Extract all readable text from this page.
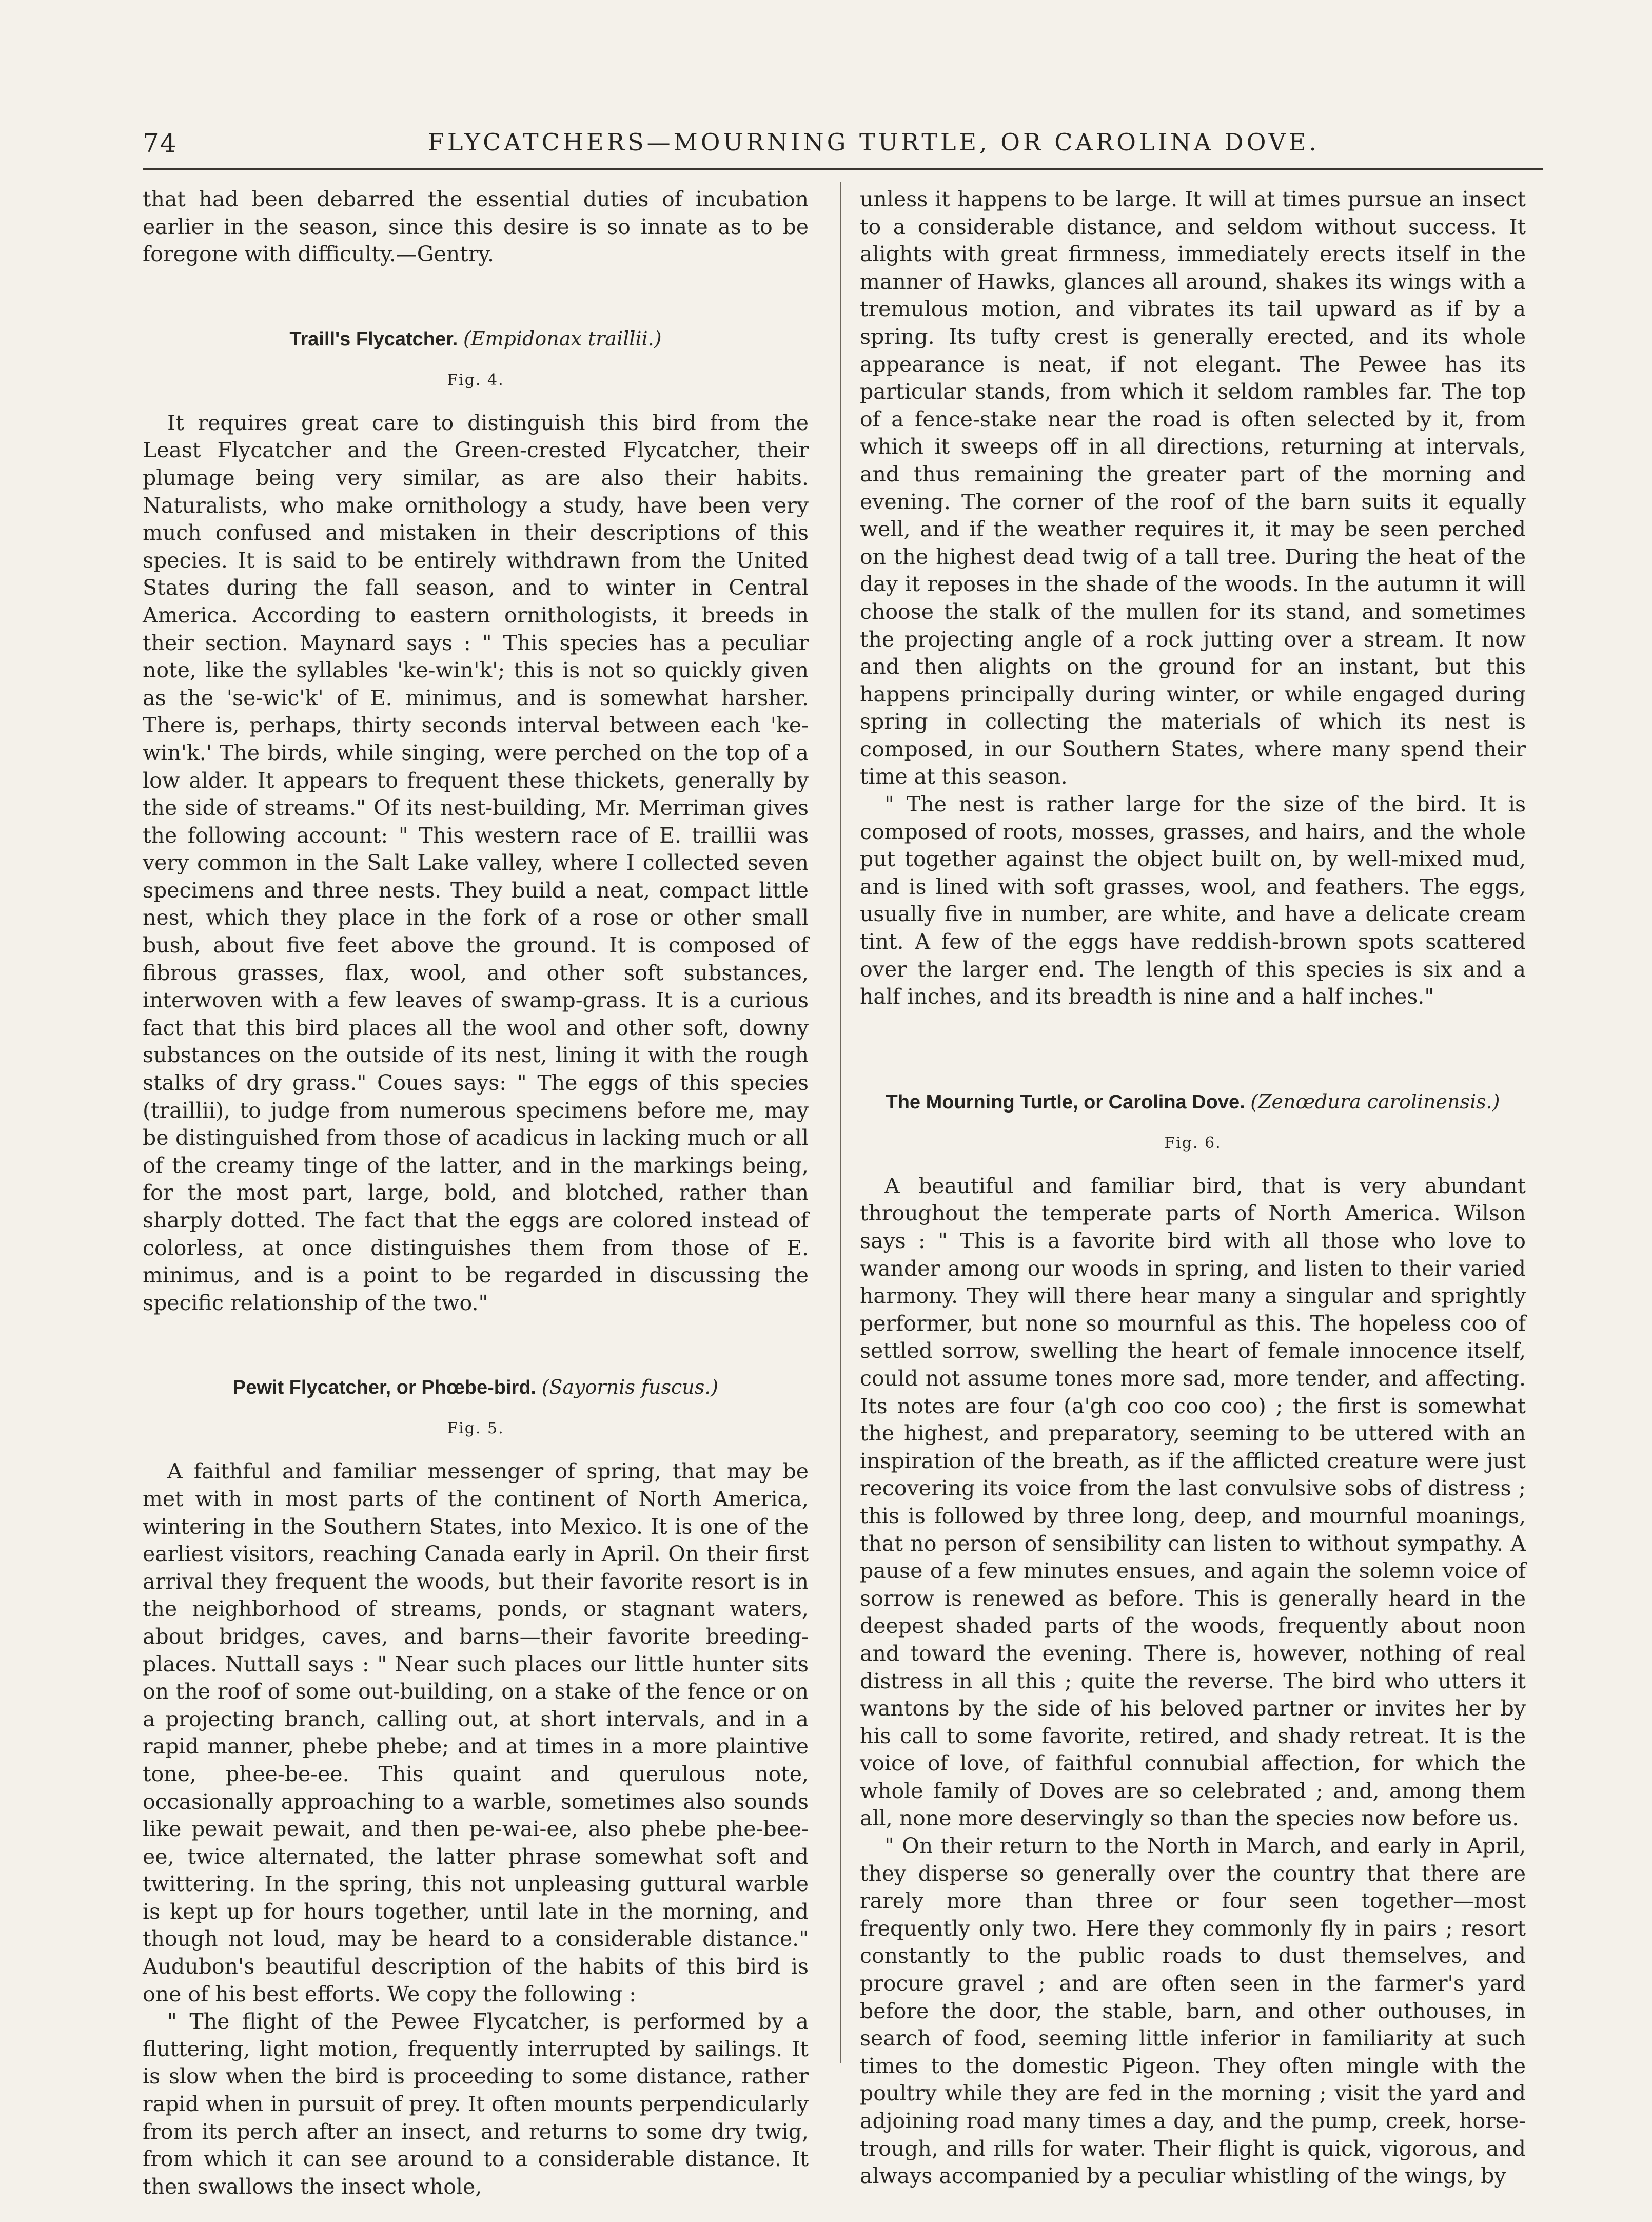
74	FLYCATCHERS—MOURNING TURTLE, OR CAROLINA DOVE.

that had been debarred the essential duties of incubation earlier in the season, since this desire is so innate as to be foregone with difficulty.—Gentry.

Traill's Flycatcher. (Empidonax traillii.)
Fig. 4.

It requires great care to distinguish this bird from the Least Flycatcher and the Green-crested Flycatcher, their plumage being very similar, as are also their habits. Naturalists, who make ornithology a study, have been very much confused and mistaken in their descriptions of this species. It is said to be entirely withdrawn from the United States during the fall season, and to winter in Central America. According to eastern ornithologists, it breeds in their section. Maynard says : " This species has a peculiar note, like the syllables 'ke-win'k'; this is not so quickly given as the 'se-wic'k' of E. minimus, and is somewhat harsher. There is, perhaps, thirty seconds interval between each 'ke-win'k.' The birds, while singing, were perched on the top of a low alder. It appears to frequent these thickets, generally by the side of streams." Of its nest-building, Mr. Merriman gives the following account: " This western race of E. traillii was very common in the Salt Lake valley, where I collected seven specimens and three nests. They build a neat, compact little nest, which they place in the fork of a rose or other small bush, about five feet above the ground. It is composed of fibrous grasses, flax, wool, and other soft substances, interwoven with a few leaves of swamp-grass. It is a curious fact that this bird places all the wool and other soft, downy substances on the outside of its nest, lining it with the rough stalks of dry grass." Coues says: " The eggs of this species (traillii), to judge from numerous specimens before me, may be distinguished from those of acadicus in lacking much or all of the creamy tinge of the latter, and in the markings being, for the most part, large, bold, and blotched, rather than sharply dotted. The fact that the eggs are colored instead of colorless, at once distinguishes them from those of E. minimus, and is a point to be regarded in discussing the specific relationship of the two."

Pewit Flycatcher, or Phœbe-bird. (Sayornis fuscus.)
Fig. 5.

A faithful and familiar messenger of spring, that may be met with in most parts of the continent of North America, wintering in the Southern States, into Mexico. It is one of the earliest visitors, reaching Canada early in April. On their first arrival they frequent the woods, but their favorite resort is in the neighborhood of streams, ponds, or stagnant waters, about bridges, caves, and barns—their favorite breeding-places. Nuttall says : " Near such places our little hunter sits on the roof of some out-building, on a stake of the fence or on a projecting branch, calling out, at short intervals, and in a rapid manner, phebe phebe; and at times in a more plaintive tone, phee-be-ee. This quaint and querulous note, occasionally approaching to a warble, sometimes also sounds like pewait pewait, and then pe-wai-ee, also phebe phe-bee-ee, twice alternated, the latter phrase somewhat soft and twittering. In the spring, this not unpleasing guttural warble is kept up for hours together, until late in the morning, and though not loud, may be heard to a considerable distance." Audubon's beautiful description of the habits of this bird is one of his best efforts. We copy the following :

" The flight of the Pewee Flycatcher, is performed by a fluttering, light motion, frequently interrupted by sailings. It is slow when the bird is proceeding to some distance, rather rapid when in pursuit of prey. It often mounts perpendicularly from its perch after an insect, and returns to some dry twig, from which it can see around to a considerable distance. It then swallows the insect whole,

unless it happens to be large. It will at times pursue an insect to a considerable distance, and seldom without success. It alights with great firmness, immediately erects itself in the manner of Hawks, glances all around, shakes its wings with a tremulous motion, and vibrates its tail upward as if by a spring. Its tufty crest is generally erected, and its whole appearance is neat, if not elegant. The Pewee has its particular stands, from which it seldom rambles far. The top of a fence-stake near the road is often selected by it, from which it sweeps off in all directions, returning at intervals, and thus remaining the greater part of the morning and evening. The corner of the roof of the barn suits it equally well, and if the weather requires it, it may be seen perched on the highest dead twig of a tall tree. During the heat of the day it reposes in the shade of the woods. In the autumn it will choose the stalk of the mullen for its stand, and sometimes the projecting angle of a rock jutting over a stream. It now and then alights on the ground for an instant, but this happens principally during winter, or while engaged during spring in collecting the materials of which its nest is composed, in our Southern States, where many spend their time at this season.

" The nest is rather large for the size of the bird. It is composed of roots, mosses, grasses, and hairs, and the whole put together against the object built on, by well-mixed mud, and is lined with soft grasses, wool, and feathers. The eggs, usually five in number, are white, and have a delicate cream tint. A few of the eggs have reddish-brown spots scattered over the larger end. The length of this species is six and a half inches, and its breadth is nine and a half inches."

The Mourning Turtle, or Carolina Dove. (Zenœdura carolinensis.)
Fig. 6.

A beautiful and familiar bird, that is very abundant throughout the temperate parts of North America. Wilson says : " This is a favorite bird with all those who love to wander among our woods in spring, and listen to their varied harmony. They will there hear many a singular and sprightly performer, but none so mournful as this. The hopeless coo of settled sorrow, swelling the heart of female innocence itself, could not assume tones more sad, more tender, and affecting. Its notes are four (a'gh coo coo coo) ; the first is somewhat the highest, and preparatory, seeming to be uttered with an inspiration of the breath, as if the afflicted creature were just recovering its voice from the last convulsive sobs of distress ; this is followed by three long, deep, and mournful moanings, that no person of sensibility can listen to without sympathy. A pause of a few minutes ensues, and again the solemn voice of sorrow is renewed as before. This is generally heard in the deepest shaded parts of the woods, frequently about noon and toward the evening. There is, however, nothing of real distress in all this ; quite the reverse. The bird who utters it wantons by the side of his beloved partner or invites her by his call to some favorite, retired, and shady retreat. It is the voice of love, of faithful connubial affection, for which the whole family of Doves are so celebrated ; and, among them all, none more deservingly so than the species now before us.

" On their return to the North in March, and early in April, they disperse so generally over the country that there are rarely more than three or four seen together—most frequently only two. Here they commonly fly in pairs ; resort constantly to the public roads to dust themselves, and procure gravel ; and are often seen in the farmer's yard before the door, the stable, barn, and other outhouses, in search of food, seeming little inferior in familiarity at such times to the domestic Pigeon. They often mingle with the poultry while they are fed in the morning ; visit the yard and adjoining road many times a day, and the pump, creek, horse-trough, and rills for water. Their flight is quick, vigorous, and always accompanied by a peculiar whistling of the wings, by
